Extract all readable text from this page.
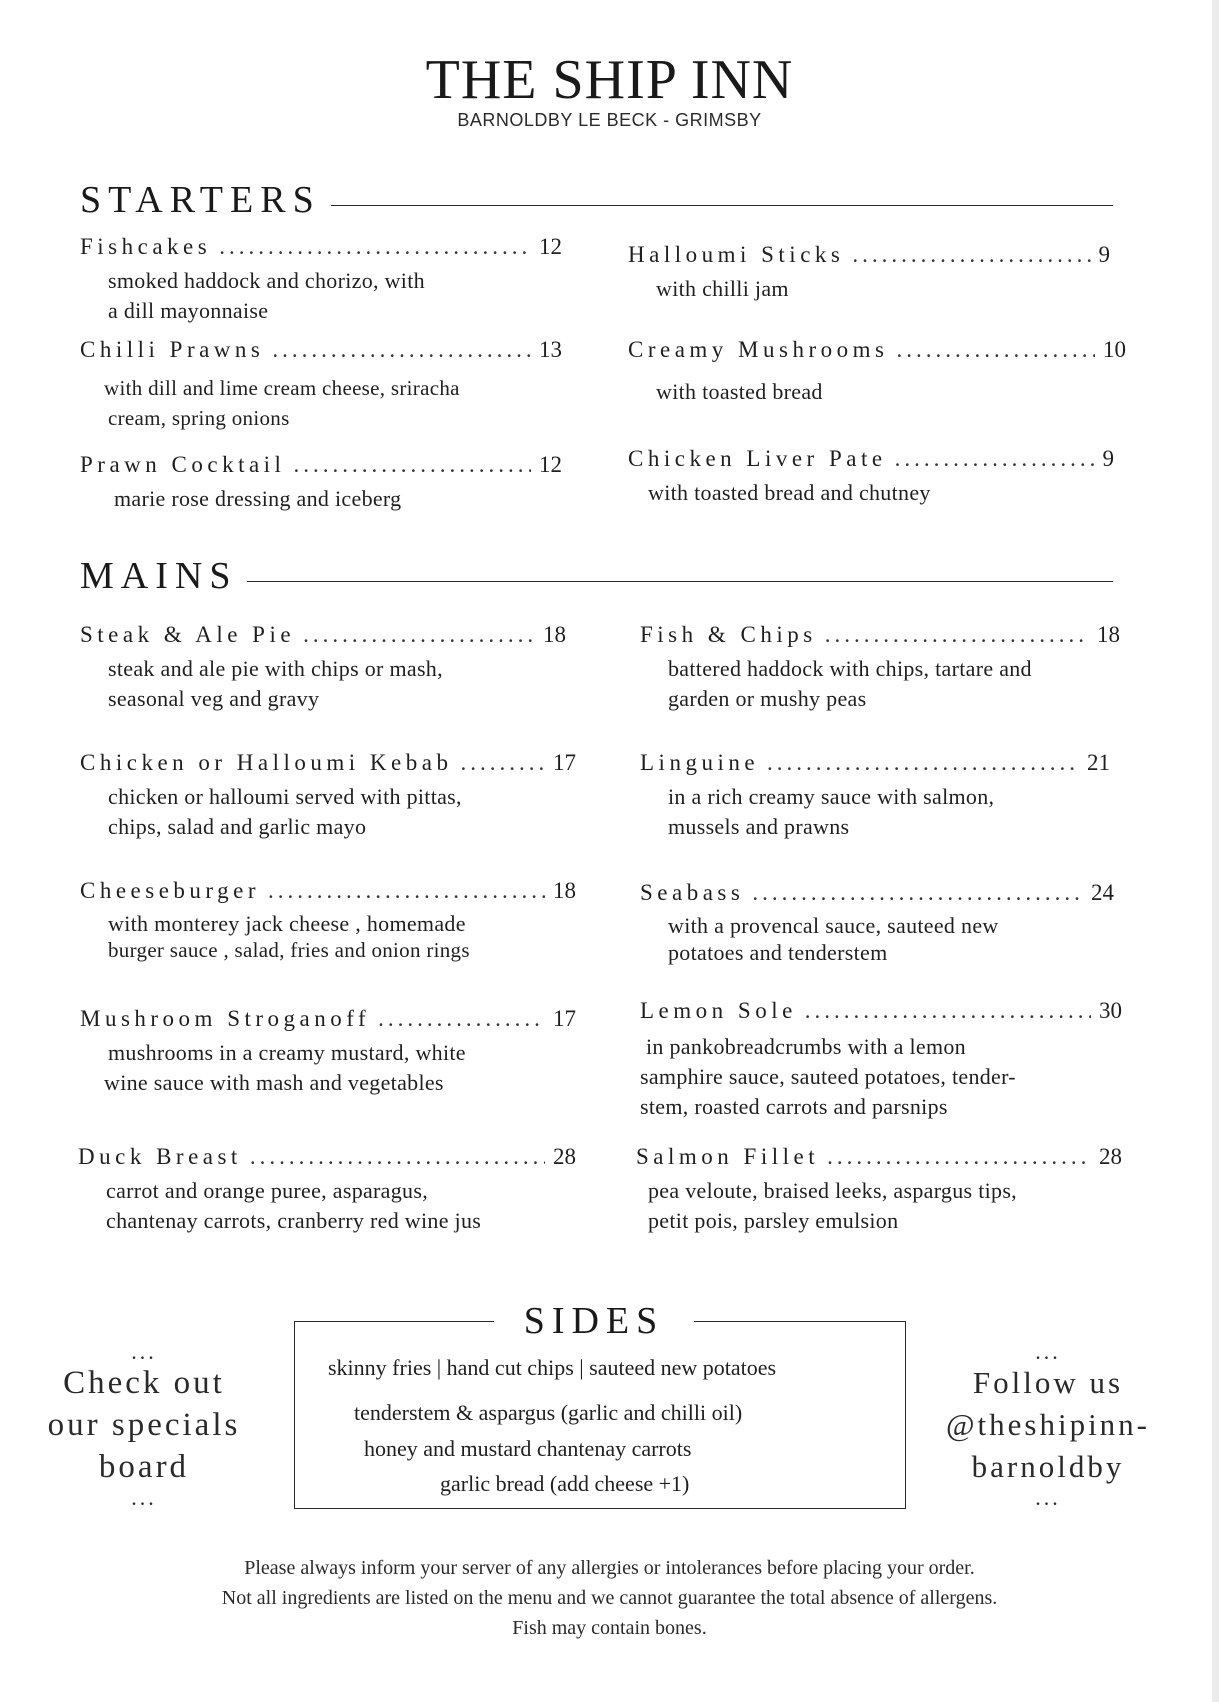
THE SHIP INN
BARNOLDBY LE BECK - GRIMSBY
STARTERS
Fishcakes .....	12
smoked haddock and chorizo, with
a dill mayonnaise
Chilli Prawns .....	13
with dill and lime cream cheese, sriracha
cream, spring onions
Prawn Cocktail .....	12
marie rose dressing and iceberg
Halloumi Sticks .....	9
with chilli jam
Creamy Mushrooms .....	10
with toasted bread
Chicken Liver Pate .....	9
with toasted bread and chutney
MAINS
Steak & Ale Pie .....	18
steak and ale pie with chips or mash,
seasonal veg and gravy
Chicken or Halloumi Kebab .....	17
chicken or halloumi served with pittas,
chips, salad and garlic mayo
Cheeseburger .....	18
with monterey jack cheese , homemade
burger sauce , salad, fries and onion rings
Mushroom Stroganoff .....	17
mushrooms in a creamy mustard, white
wine sauce with mash and vegetables
Duck Breast .....	28
carrot and orange puree, asparagus,
chantenay carrots, cranberry red wine jus
Fish & Chips .....	18
battered haddock with chips, tartare and
garden or mushy peas
Linguine .....	21
in a rich creamy sauce with salmon,
mussels and prawns
Seabass .....	24
with a provencal sauce, sauteed new
potatoes and tenderstem
Lemon Sole .....	30
in pankobreadcrumbs with a lemon
samphire sauce, sauteed potatoes, tender-
stem, roasted carrots and parsnips
Salmon Fillet .....	28
pea veloute, braised leeks, aspargus tips,
petit pois, parsley emulsion
SIDES
skinny fries | hand cut chips | sauteed new potatoes
tenderstem & aspargus (garlic and chilli oil)
honey and mustard chantenay carrots
garlic bread (add cheese +1)
...
Check out
our specials
board
...
...
Follow us
@theshipinn-
barnoldby
...
Please always inform your server of any allergies or intolerances before placing your order.
Not all ingredients are listed on the menu and we cannot guarantee the total absence of allergens.
Fish may contain bones.
